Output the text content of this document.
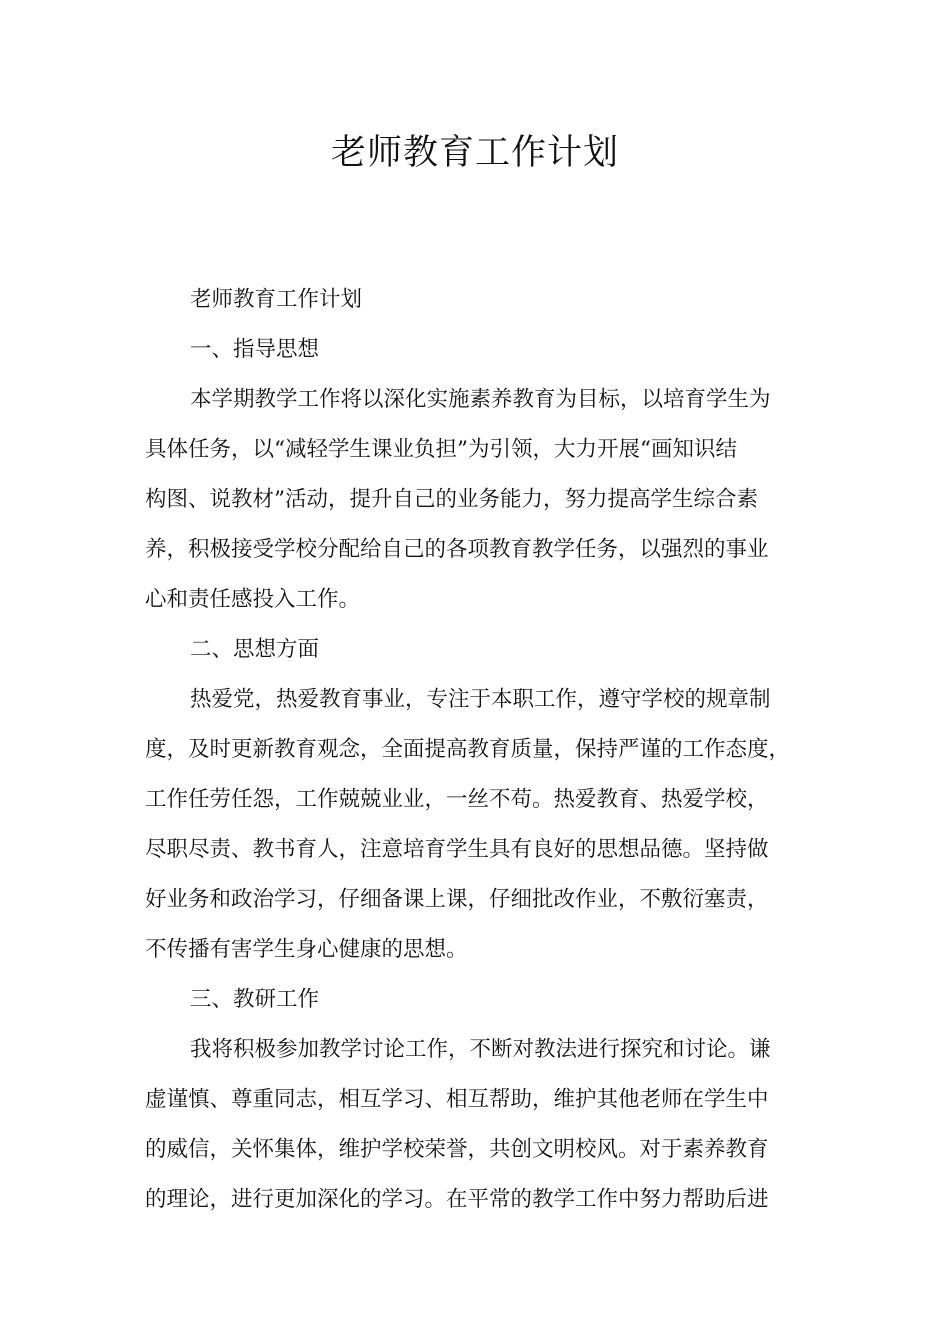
老师教育工作计划
老师教育工作计划
一、指导思想
本学期教学工作将以深化实施素养教育为目标，以培育学生为
具体任务，以“减轻学生课业负担”为引领，大力开展“画知识结
构图、说教材”活动，提升自己的业务能力，努力提高学生综合素
养，积极接受学校分配给自己的各项教育教学任务，以强烈的事业
心和责任感投入工作。
二、思想方面
热爱党，热爱教育事业，专注于本职工作，遵守学校的规章制
度，及时更新教育观念，全面提高教育质量，保持严谨的工作态度，
工作任劳任怨，工作兢兢业业，一丝不苟。热爱教育、热爱学校，
尽职尽责、教书育人，注意培育学生具有良好的思想品德。坚持做
好业务和政治学习，仔细备课上课，仔细批改作业，不敷衍塞责，
不传播有害学生身心健康的思想。
三、教研工作
我将积极参加教学讨论工作，不断对教法进行探究和讨论。谦
虚谨慎、尊重同志，相互学习、相互帮助，维护其他老师在学生中
的威信，关怀集体，维护学校荣誉，共创文明校风。对于素养教育
的理论，进行更加深化的学习。在平常的教学工作中努力帮助后进
